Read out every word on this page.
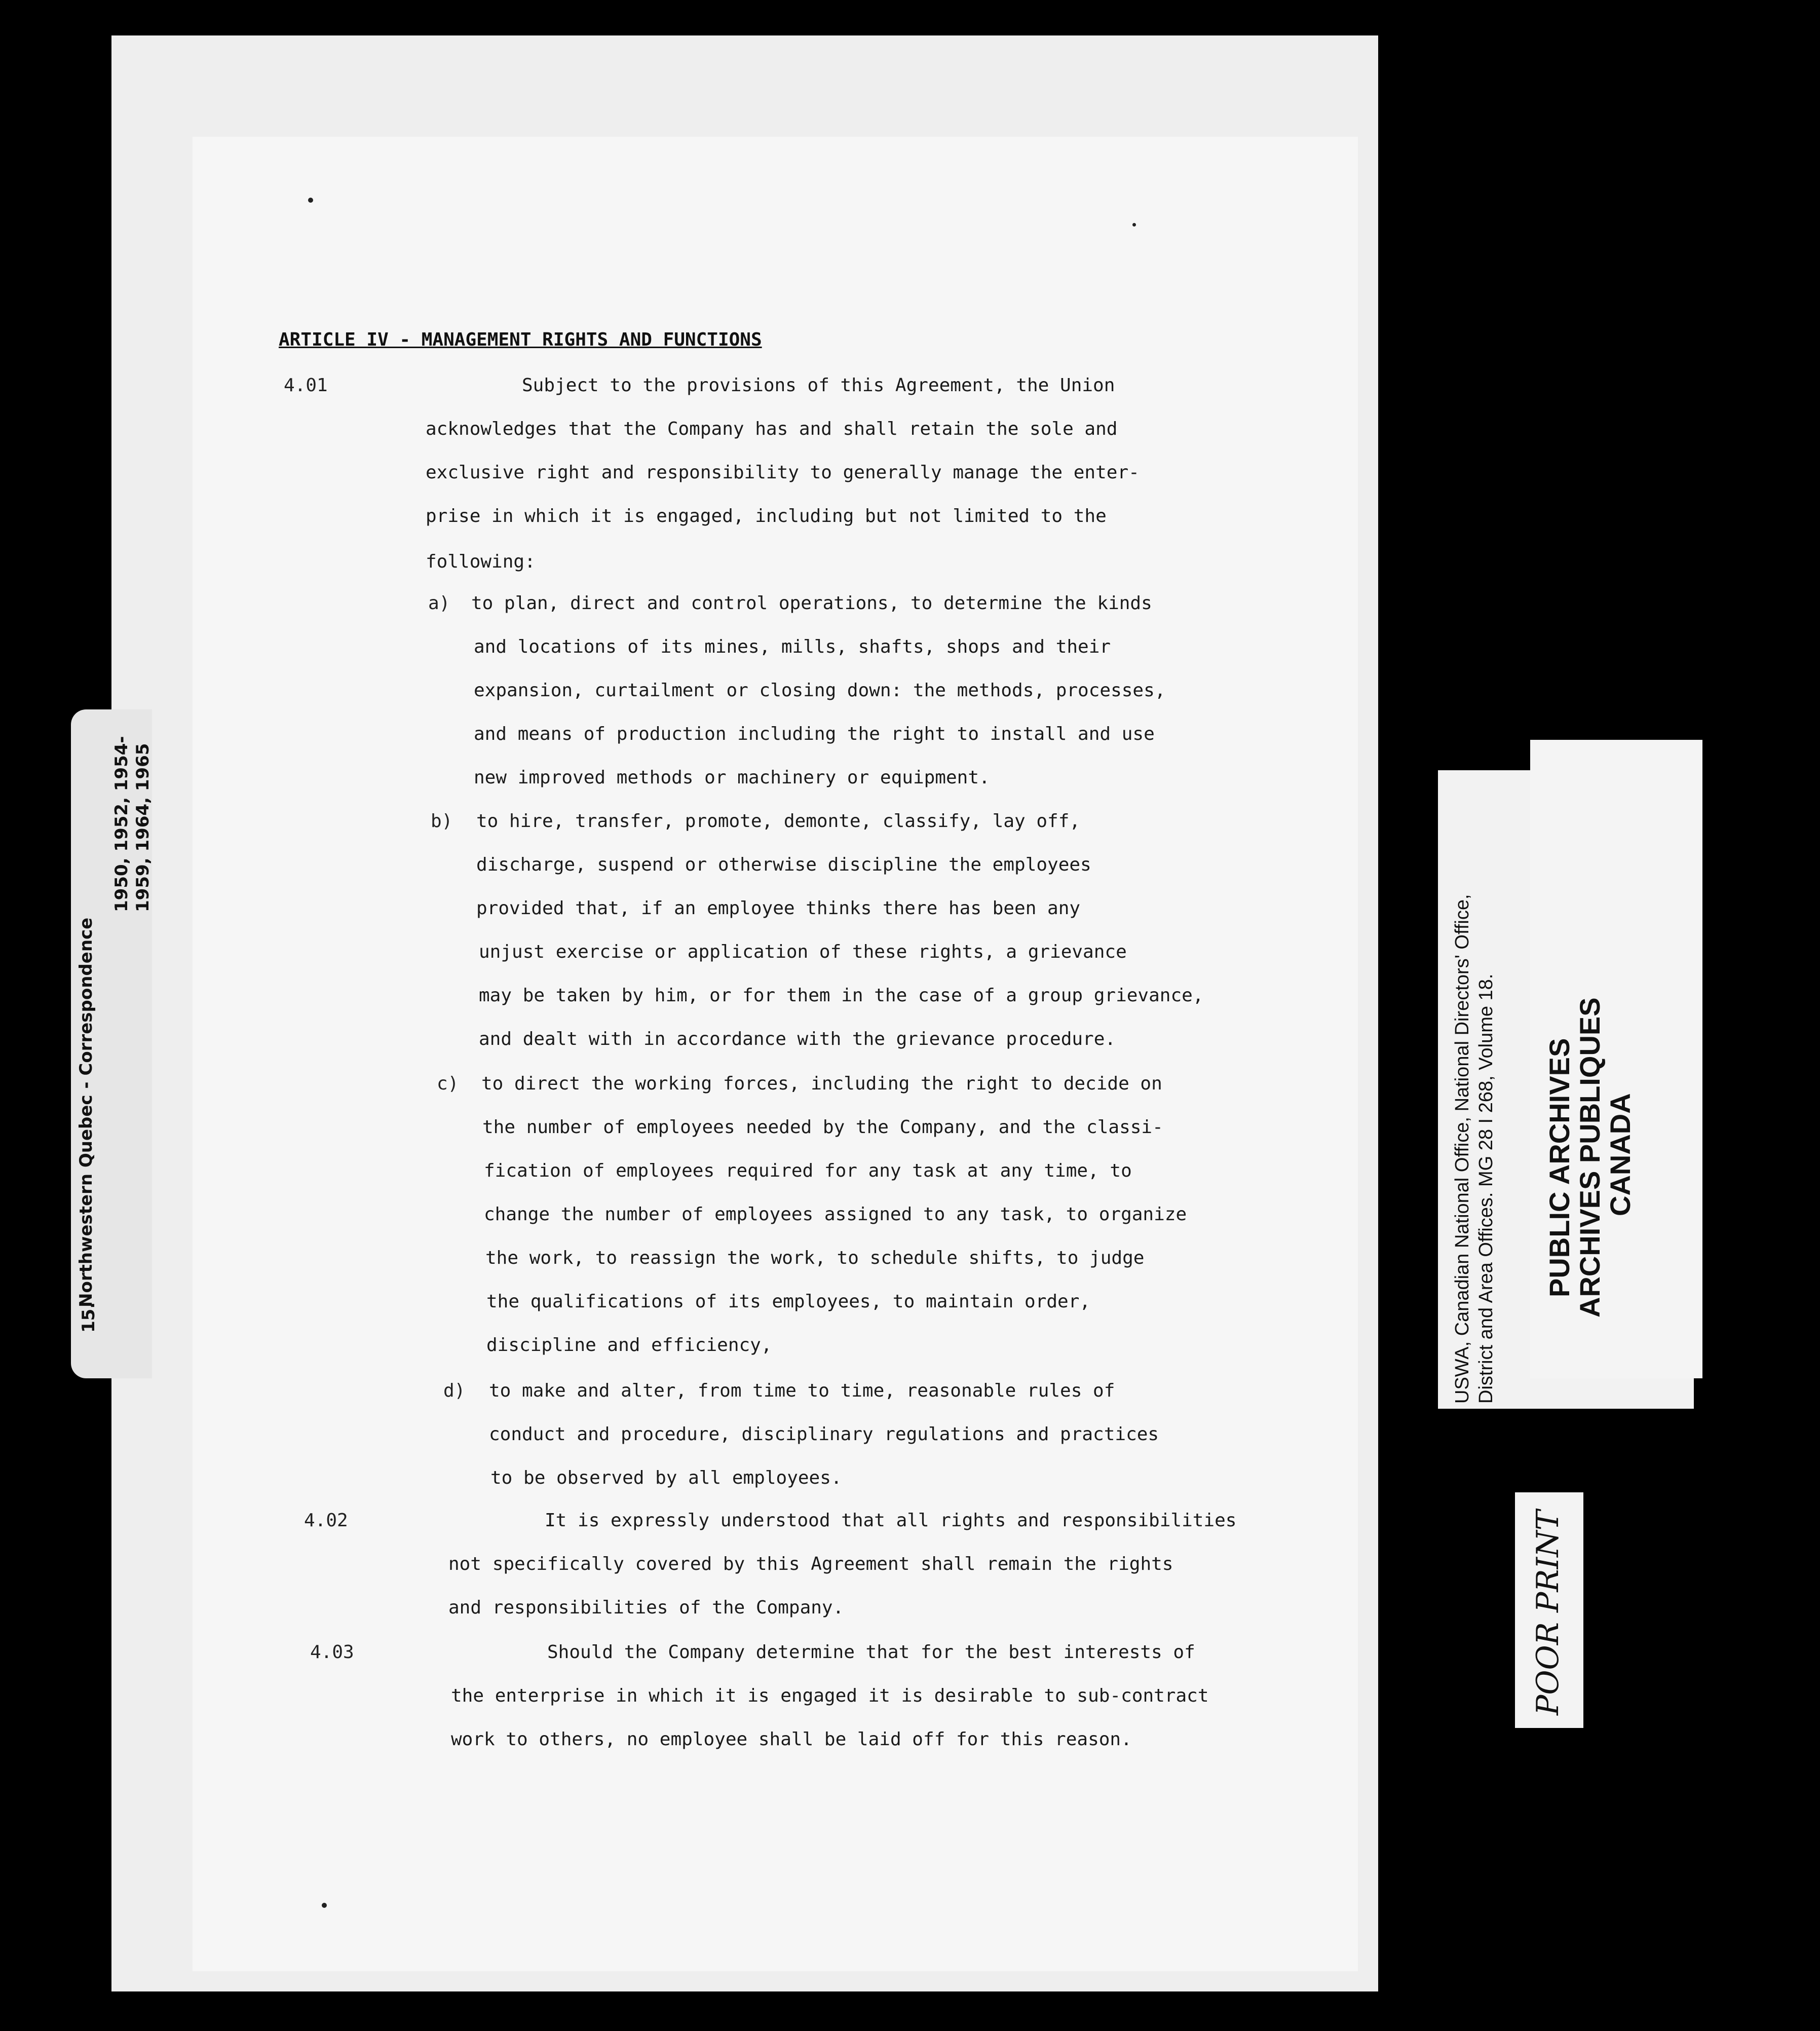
15.
Northwestern Quebec - Correspondence
1950, 1952, 1954- 1959, 1964, 1965
ARTICLE IV - MANAGEMENT RIGHTS AND FUNCTIONS
4.01	Subject to the provisions of this Agreement, the Union
acknowledges that the Company has and shall retain the sole and
exclusive right and responsibility to generally manage the enter-
prise in which it is engaged, including but not limited to the
following:
a) to plan, direct and control operations, to determine the kinds
and locations of its mines, mills, shafts, shops and their
expansion, curtailment or closing down: the methods, processes,
and means of production including the right to install and use
new improved methods or machinery or equipment.
b) to hire, transfer, promote, demonte, classify, lay off,
discharge, suspend or otherwise discipline the employees
provided that, if an employee thinks there has been any
unjust exercise or application of these rights, a grievance
may be taken by him, or for them in the case of a group grievance,
and dealt with in accordance with the grievance procedure.
c) to direct the working forces, including the right to decide on
the number of employees needed by the Company, and the classi-
fication of employees required for any task at any time, to
change the number of employees assigned to any task, to organize
the work, to reassign the work, to schedule shifts, to judge
the qualifications of its employees, to maintain order,
discipline and efficiency,
d) to make and alter, from time to time, reasonable rules of
conduct and procedure, disciplinary regulations and practices
to be observed by all employees.
4.02	It is expressly understood that all rights and responsibilities
not specifically covered by this Agreement shall remain the rights
and responsibilities of the Company.
4.03	Should the Company determine that for the best interests of
the enterprise in which it is engaged it is desirable to sub-contract
work to others, no employee shall be laid off for this reason.
USWA, Canadian National Office, National Directors' Office, District and Area Offices. MG 28 I 268, Volume 18. PUBLIC ARCHIVES
ARCHIVES PUBLIQUES
CANADA
POOR PRINT
